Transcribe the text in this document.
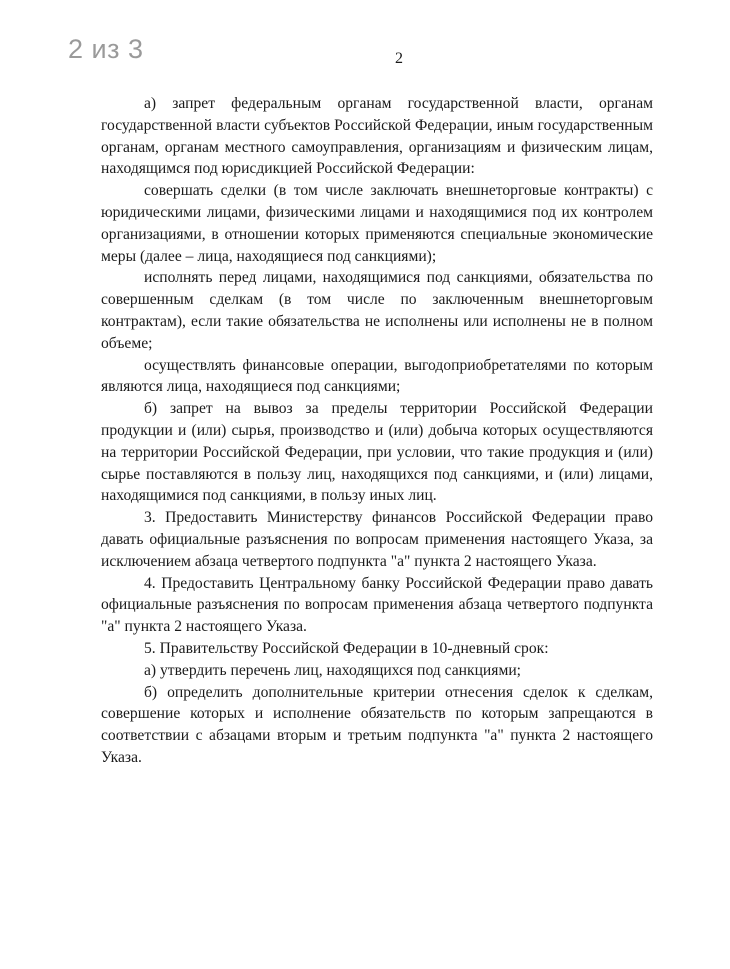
2 из 3	2

а) запрет федеральным органам государственной власти, органам государственной власти субъектов Российской Федерации, иным государственным органам, органам местного самоуправления, организациям и физическим лицам, находящимся под юрисдикцией Российской Федерации:

совершать сделки (в том числе заключать внешнеторговые контракты) с юридическими лицами, физическими лицами и находящимися под их контролем организациями, в отношении которых применяются специальные экономические меры (далее – лица, находящиеся под санкциями);

исполнять перед лицами, находящимися под санкциями, обязательства по совершенным сделкам (в том числе по заключенным внешнеторговым контрактам), если такие обязательства не исполнены или исполнены не в полном объеме;

осуществлять финансовые операции, выгодоприобретателями по которым являются лица, находящиеся под санкциями;

б) запрет на вывоз за пределы территории Российской Федерации продукции и (или) сырья, производство и (или) добыча которых осуществляются на территории Российской Федерации, при условии, что такие продукция и (или) сырье поставляются в пользу лиц, находящихся под санкциями, и (или) лицами, находящимися под санкциями, в пользу иных лиц.

3. Предоставить Министерству финансов Российской Федерации право давать официальные разъяснения по вопросам применения настоящего Указа, за исключением абзаца четвертого подпункта "а" пункта 2 настоящего Указа.

4. Предоставить Центральному банку Российской Федерации право давать официальные разъяснения по вопросам применения абзаца четвертого подпункта "а" пункта 2 настоящего Указа.

5. Правительству Российской Федерации в 10-дневный срок:

а) утвердить перечень лиц, находящихся под санкциями;

б) определить дополнительные критерии отнесения сделок к сделкам, совершение которых и исполнение обязательств по которым запрещаются в соответствии с абзацами вторым и третьим подпункта "а" пункта 2 настоящего Указа.
